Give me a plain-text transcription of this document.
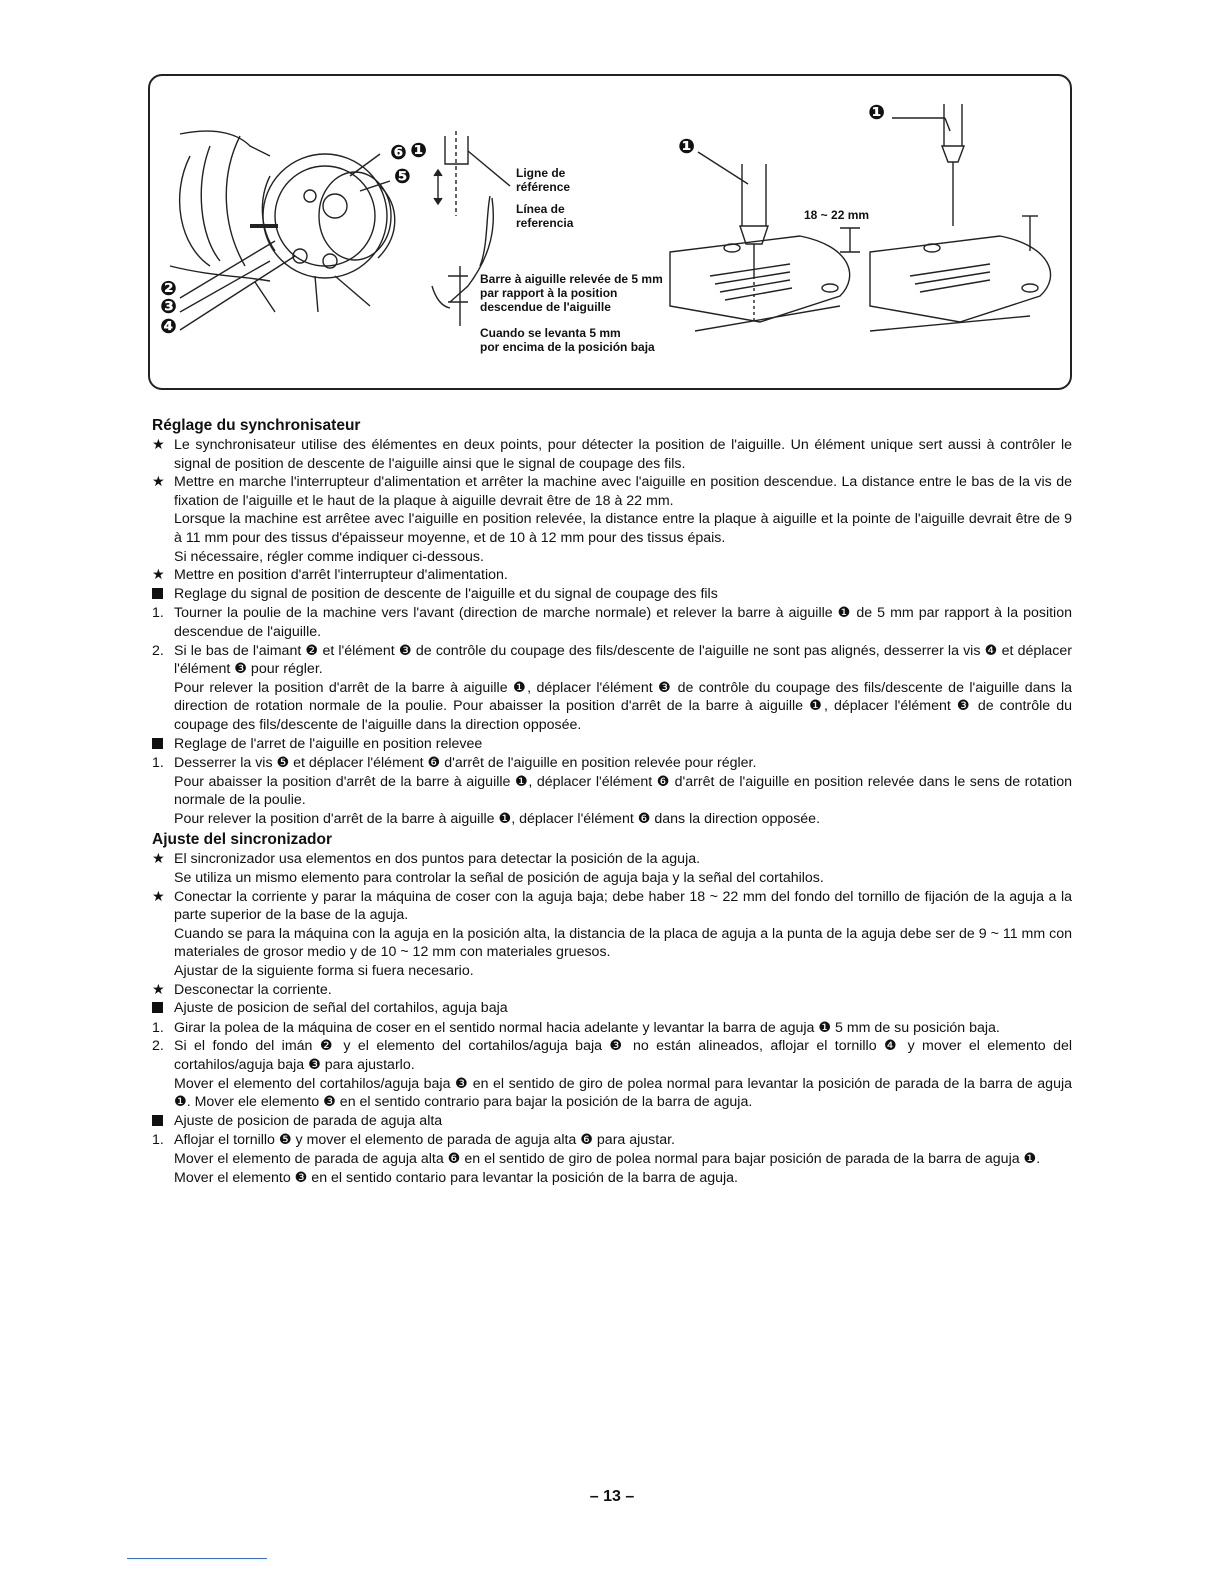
❶
❶
❻ ❶
❺
❷
❸
❹
Ligne de
référence
Línea de
referencia
Barre à aiguille relevée de 5 mm
par rapport à la position
descendue de l'aiguille
Cuando se levanta 5 mm
por encima de la posición baja
18 ~ 22 mm
Réglage du synchronisateur
★ Le synchronisateur utilise des élémentes en deux points, pour détecter la position de l'aiguille. Un élément unique sert aussi à contrôler le signal de position de descente de l'aiguille ainsi que le signal de coupage des fils.
★ Mettre en marche l'interrupteur d'alimentation et arrêter la machine avec l'aiguille en position descendue. La distance entre le bas de la vis de fixation de l'aiguille et le haut de la plaque à aiguille devrait être de 18 à 22 mm.
Lorsque la machine est arrêtee avec l'aiguille en position relevée, la distance entre la plaque à aiguille et la pointe de l'aiguille devrait être de 9 à 11 mm pour des tissus d'épaisseur moyenne, et de 10 à 12 mm pour des tissus épais.
Si nécessaire, régler comme indiquer ci-dessous.
★ Mettre en position d'arrêt l'interrupteur d'alimentation.
Reglage du signal de position de descente de l'aiguille et du signal de coupage des fils
1. Tourner la poulie de la machine vers l'avant (direction de marche normale) et relever la barre à aiguille ❶ de 5 mm par rapport à la position descendue de l'aiguille.
2. Si le bas de l'aimant ❷ et l'élément ❸ de contrôle du coupage des fils/descente de l'aiguille ne sont pas alignés, desserrer la vis ❹ et déplacer l'élément ❸ pour régler.
Pour relever la position d'arrêt de la barre à aiguille ❶, déplacer l'élément ❸ de contrôle du coupage des fils/descente de l'aiguille dans la direction de rotation normale de la poulie. Pour abaisser la position d'arrêt de la barre à aiguille ❶, déplacer l'élément ❸ de contrôle du coupage des fils/descente de l'aiguille dans la direction opposée.
Reglage de l'arret de l'aiguille en position relevee
1. Desserrer la vis ❺ et déplacer l'élément ❻ d'arrêt de l'aiguille en position relevée pour régler.
Pour abaisser la position d'arrêt de la barre à aiguille ❶, déplacer l'élément ❻ d'arrêt de l'aiguille en position relevée dans le sens de rotation normale de la poulie.
Pour relever la position d'arrêt de la barre à aiguille ❶, déplacer l'élément ❻ dans la direction opposée.
Ajuste del sincronizador
★ El sincronizador usa elementos en dos puntos para detectar la posición de la aguja.
Se utiliza un mismo elemento para controlar la señal de posición de aguja baja y la señal del cortahilos.
★ Conectar la corriente y parar la máquina de coser con la aguja baja; debe haber 18 ~ 22 mm del fondo del tornillo de fijación de la aguja a la parte superior de la base de la aguja.
Cuando se para la máquina con la aguja en la posición alta, la distancia de la placa de aguja a la punta de la aguja debe ser de 9 ~ 11 mm con materiales de grosor medio y de 10 ~ 12 mm con materiales gruesos.
Ajustar de la siguiente forma si fuera necesario.
★ Desconectar la corriente.
Ajuste de posicion de señal del cortahilos, aguja baja
1. Girar la polea de la máquina de coser en el sentido normal hacia adelante y levantar la barra de aguja ❶ 5 mm de su posición baja.
2. Si el fondo del imán ❷ y el elemento del cortahilos/aguja baja ❸ no están alineados, aflojar el tornillo ❹ y mover el elemento del cortahilos/aguja baja ❸ para ajustarlo.
Mover el elemento del cortahilos/aguja baja ❸ en el sentido de giro de polea normal para levantar la posición de parada de la barra de aguja ❶. Mover ele elemento ❸ en el sentido contrario para bajar la posición de la barra de aguja.
Ajuste de posicion de parada de aguja alta
1. Aflojar el tornillo ❺ y mover el elemento de parada de aguja alta ❻ para ajustar.
Mover el elemento de parada de aguja alta ❻ en el sentido de giro de polea normal para bajar posición de parada de la barra de aguja ❶.
Mover el elemento ❸ en el sentido contario para levantar la posición de la barra de aguja.
– 13 –
